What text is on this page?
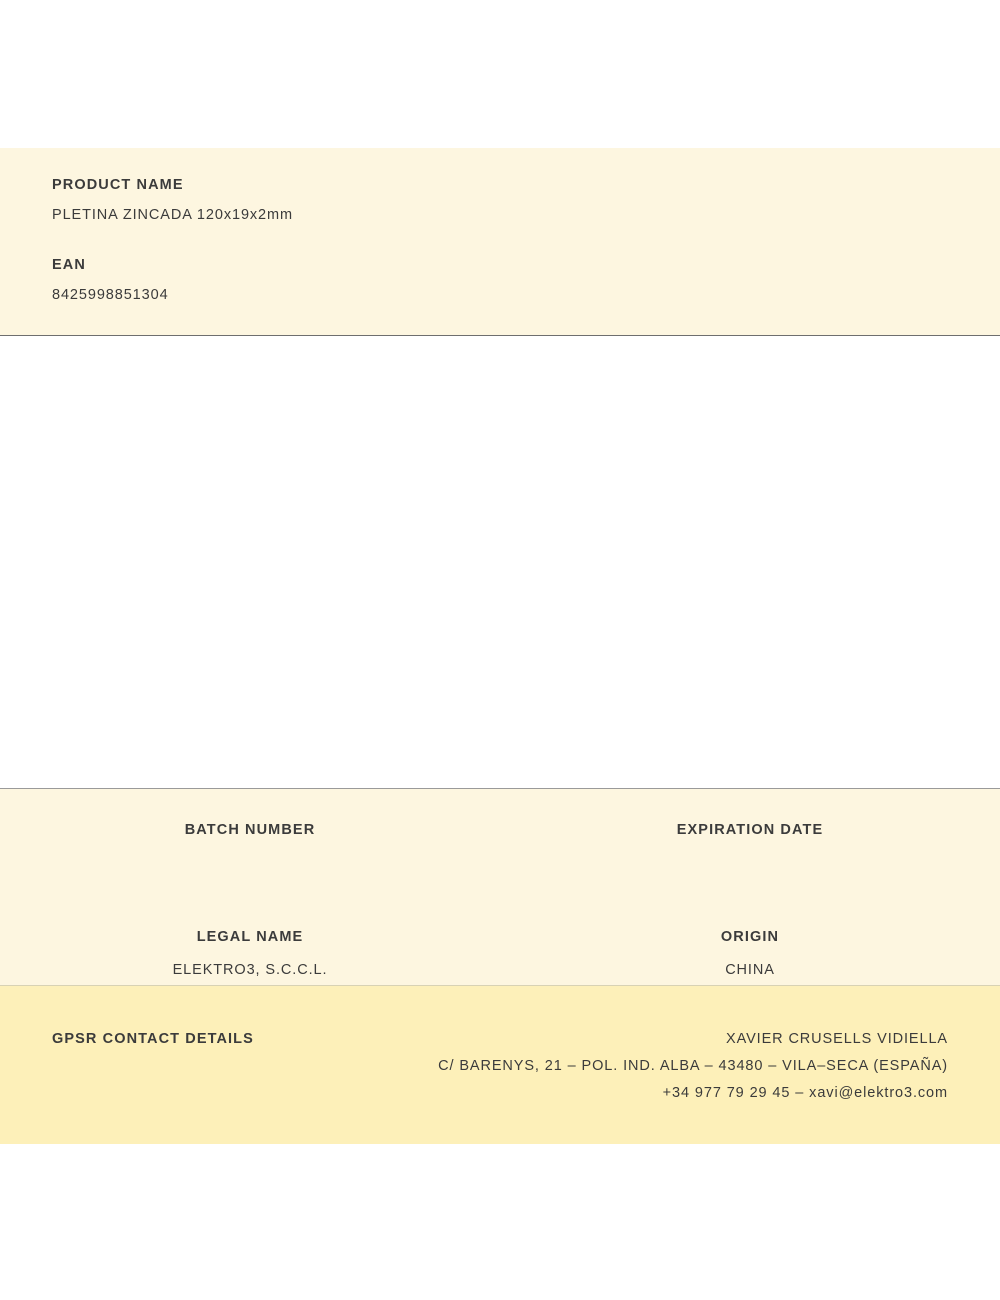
PRODUCT NAME

PLETINA ZINCADA 120x19x2mm

EAN

8425998851304

BATCH NUMBER	EXPIRATION DATE

LEGAL NAME

ELEKTRO3, S.C.C.L.

ORIGIN

CHINA

GPSR CONTACT DETAILS	XAVIER CRUSELLS VIDIELLA

C/ BARENYS, 21 – POL. IND. ALBA – 43480 – VILA–SECA (ESPAÑA)

+34 977 79 29 45 – xavi@elektro3.com
